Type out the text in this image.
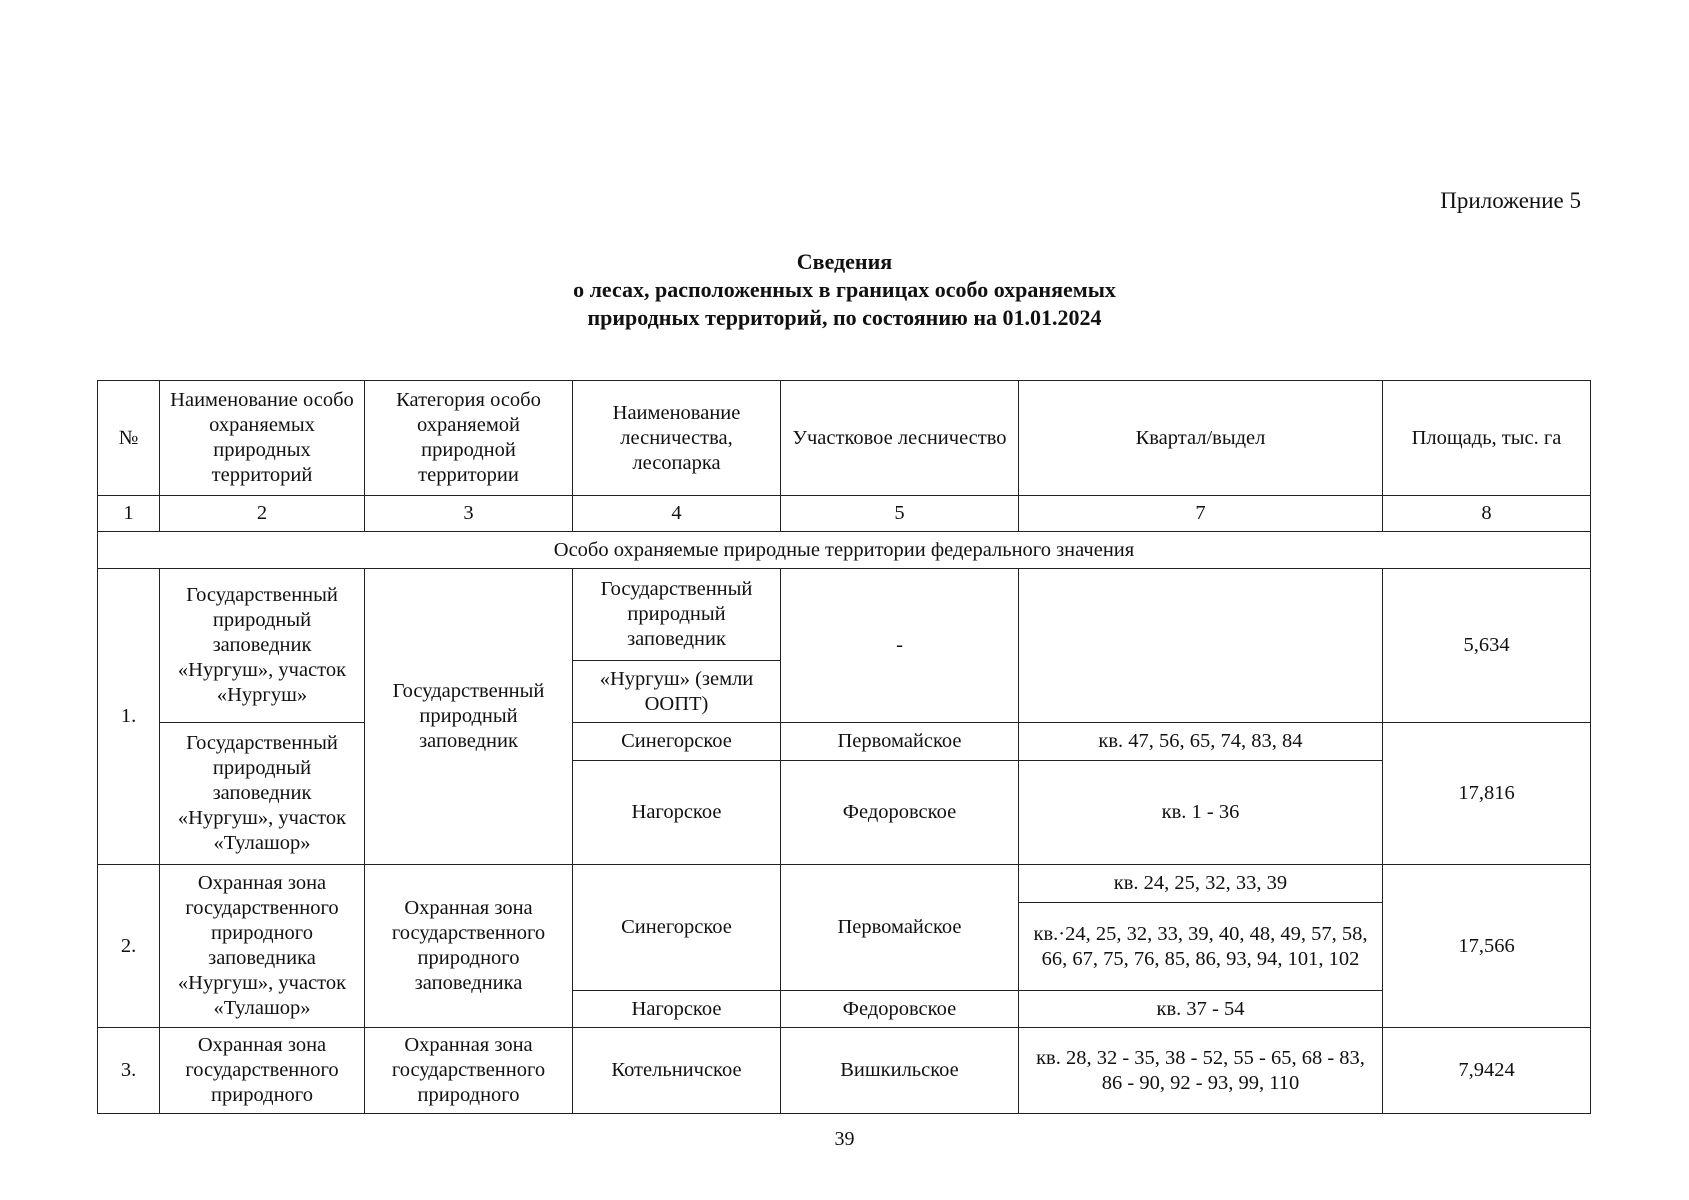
Приложение 5
Сведения
о лесах, расположенных в границах особо охраняемых
природных территорий, по состоянию на 01.01.2024
№	Наименование особо охраняемых природных территорий	Категория особо охраняемой природной территории	Наименование лесничества, лесопарка	Участковое лесничество	Квартал/выдел	Площадь, тыс. га
1	2	3	4	5	7	8
Особо охраняемые природные территории федерального значения						
1.	Государственный природный заповедник «Нургуш», участок «Нургуш»	Государственный природный заповедник	Государственный природный заповедник	-		5,634
			«Нургуш» (земли ООПТ)			
	Государственный природный заповедник «Нургуш», участок «Тулашор»		Синегорское	Первомайское	кв. 47, 56, 65, 74, 83, 84	17,816
			Нагорское	Федоровское	кв. 1 - 36	
2.	Охранная зона государственного природного заповедника «Нургуш», участок «Тулашор»	Охранная зона государственного природного заповедника	Синегорское	Первомайское	кв. 24, 25, 32, 33, 39	17,566
					кв.·24, 25, 32, 33, 39, 40, 48, 49, 57, 58, 66, 67, 75, 76, 85, 86, 93, 94, 101, 102	
			Нагорское	Федоровское	кв. 37 - 54	
3.	Охранная зона государственного природного	Охранная зона государственного природного	Котельничское	Вишкильское	кв. 28, 32 - 35, 38 - 52, 55 - 65, 68 - 83, 86 - 90, 92 - 93, 99, 110	7,9424
39
